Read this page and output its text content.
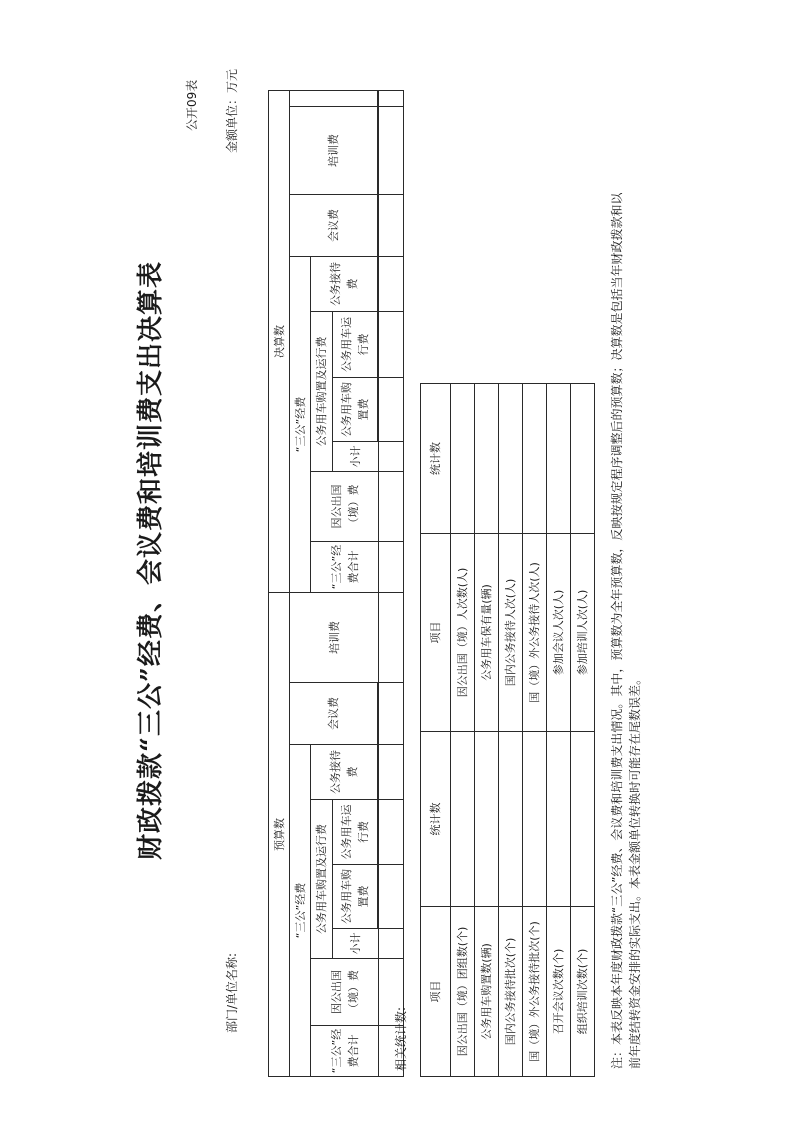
财政拨款“三公”经费、会议费和培训费支出决算表
公开09表
部门/单位名称:
金额单位：万元
预算数								决算数								
“三公”经费						会议费	培训费	“三公”经费						会议费	培训费	
“三公”经费合计	因公出国（境）费	公务用车购置及运行费			公务接待费			“三公”经费合计	因公出国（境）费	公务用车购置及运行费			公务接待费			
		小计	公务用车购置费	公务用车运行费						小计	公务用车购置费	公务用车运行费				

相关统计数:
项目	统计数	项目	统计数
因公出国（境）团组数(个)		因公出国（境）人次数(人)	
公务用车购置数(辆)		公务用车保有量(辆)	
国内公务接待批次(个)		国内公务接待人次(人)	
国（境）外公务接待批次(个)		国（境）外公务接待人次(人)	
召开会议次数(个)		参加会议人次(人)	
组织培训次数(个)		参加培训人次(人)	注：本表反映本年度财政拨款“三公”经费、会议费和培训费支出情况。其中，预算数为全年预算数，反映按规定程序调整后的预算数；决算数是包括当年财政拨款和以 前年度结转资金安排的实际支出。本表金额单位转换时可能存在尾数误差。
